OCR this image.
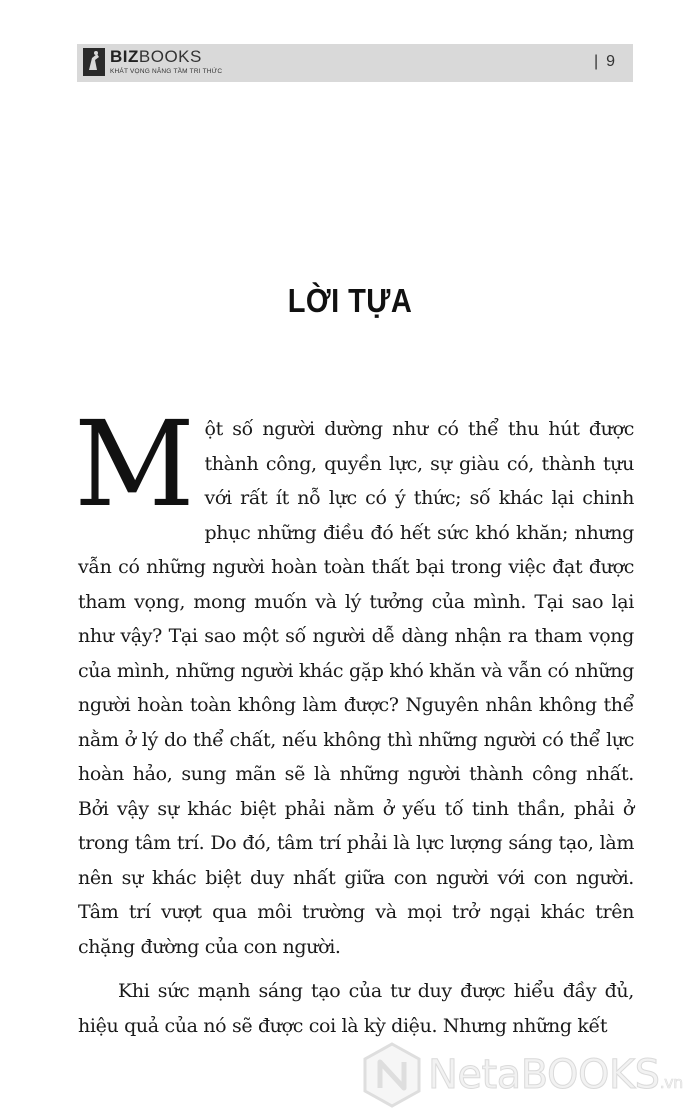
BIZBOOKS
KHÁT VỌNG NÂNG TẦM TRI THỨC
| 9
LỜI TỰA

Một số người dường như có thể thu hút được thành công, quyền lực, sự giàu có, thành tựu với rất ít nỗ lực có ý thức; số khác lại chinh phục những điều đó hết sức khó khăn; nhưng vẫn có những người hoàn toàn thất bại trong việc đạt được tham vọng, mong muốn và lý tưởng của mình. Tại sao lại như vậy? Tại sao một số người dễ dàng nhận ra tham vọng của mình, những người khác gặp khó khăn và vẫn có những người hoàn toàn không làm được? Nguyên nhân không thể nằm ở lý do thể chất, nếu không thì những người có thể lực hoàn hảo, sung mãn sẽ là những người thành công nhất. Bởi vậy sự khác biệt phải nằm ở yếu tố tinh thần, phải ở trong tâm trí. Do đó, tâm trí phải là lực lượng sáng tạo, làm nên sự khác biệt duy nhất giữa con người với con người. Tâm trí vượt qua môi trường và mọi trở ngại khác trên chặng đường của con người.

Khi sức mạnh sáng tạo của tư duy được hiểu đầy đủ, hiệu quả của nó sẽ được coi là kỳ diệu. Nhưng những kết

NetaBOOKS.vn
